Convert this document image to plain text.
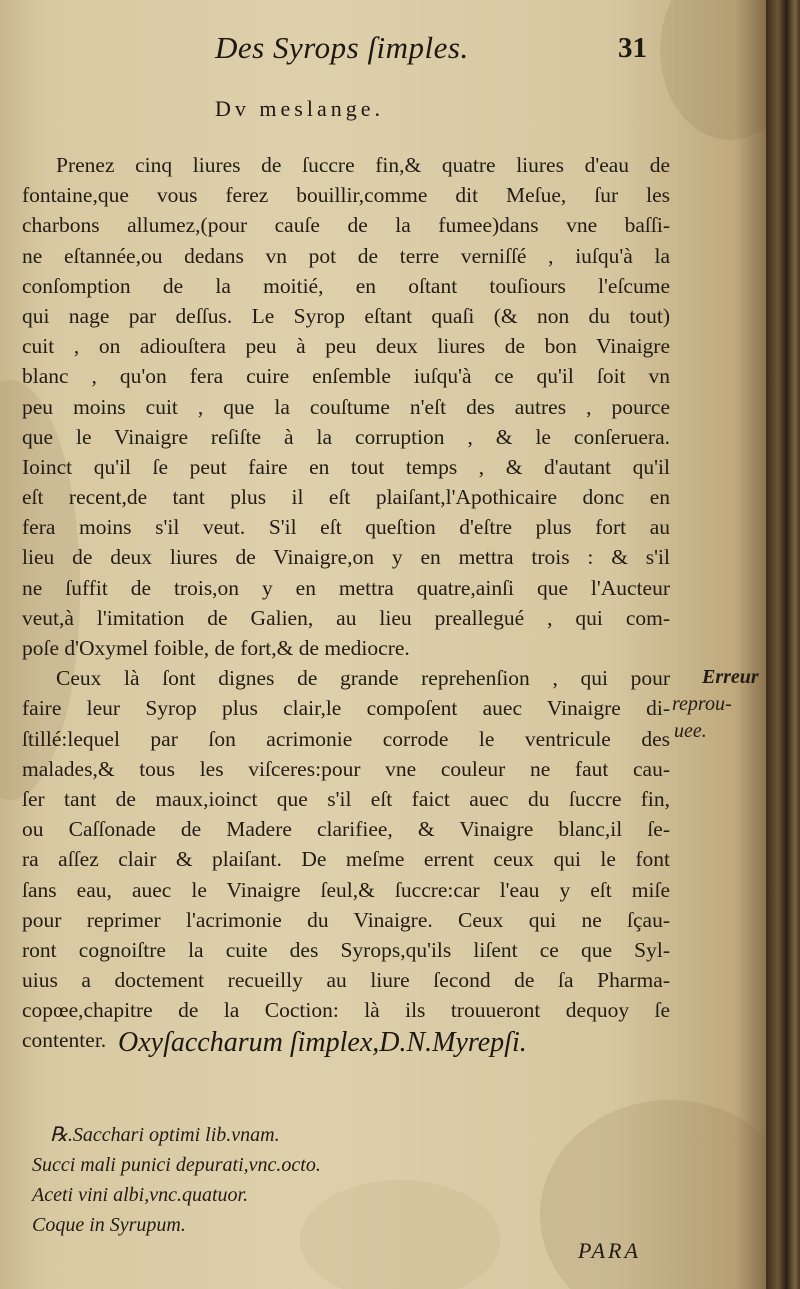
Des Syrops ſimples.	31
Dv meslange.
Prenez cinq liures de ſuccre fin,& quatre liures d'eau de
fontaine,que vous ferez bouillir,comme dit Meſue, ſur les
charbons allumez,(pour cauſe de la fumee)dans vne baſſi-
ne eſtannée,ou dedans vn pot de terre verniſſé , iuſqu'à la
conſomption de la moitié, en oſtant touſiours l'eſcume
qui nage par deſſus. Le Syrop eſtant quaſi (& non du tout)
cuit , on adiouſtera peu à peu deux liures de bon Vinaigre
blanc , qu'on fera cuire enſemble iuſqu'à ce qu'il ſoit vn
peu moins cuit , que la couſtume n'eſt des autres , pource
que le Vinaigre reſiſte à la corruption , & le conſeruera.
Ioinct qu'il ſe peut faire en tout temps , & d'autant qu'il
eſt recent,de tant plus il eſt plaiſant,l'Apothicaire donc en
fera moins s'il veut. S'il eſt queſtion d'eſtre plus fort au
lieu de deux liures de Vinaigre,on y en mettra trois : & s'il
ne ſuffit de trois,on y en mettra quatre,ainſi que l'Aucteur
veut,à l'imitation de Galien, au lieu preallegué , qui com-
poſe d'Oxymel foible, de fort,& de mediocre.
Ceux là ſont dignes de grande reprehenſion , qui pour
faire leur Syrop plus clair,le compoſent auec Vinaigre di-
ſtillé:lequel par ſon acrimonie corrode le ventricule des
malades,& tous les viſceres:pour vne couleur ne faut cau-
ſer tant de maux,ioinct que s'il eſt faict auec du ſuccre fin,
ou Caſſonade de Madere clarifiee, & Vinaigre blanc,il ſe-
ra aſſez clair & plaiſant. De meſme errent ceux qui le font
ſans eau, auec le Vinaigre ſeul,& ſuccre:car l'eau y eſt miſe
pour reprimer l'acrimonie du Vinaigre. Ceux qui ne ſçau-
ront cognoiſtre la cuite des Syrops,qu'ils liſent ce que Syl-
uius a doctement recueilly au liure ſecond de ſa Pharma-
copœe,chapitre de la Coction: là ils trouueront dequoy ſe
contenter.
Erreur
reprou-
uee.
Oxyſaccharum ſimplex,D.N.Myrepſi.
℞.Sacchari optimi lib.vnam.
Succi mali punici depurati,vnc.octo.
Aceti vini albi,vnc.quatuor.
Coque in Syrupum.
PARA
